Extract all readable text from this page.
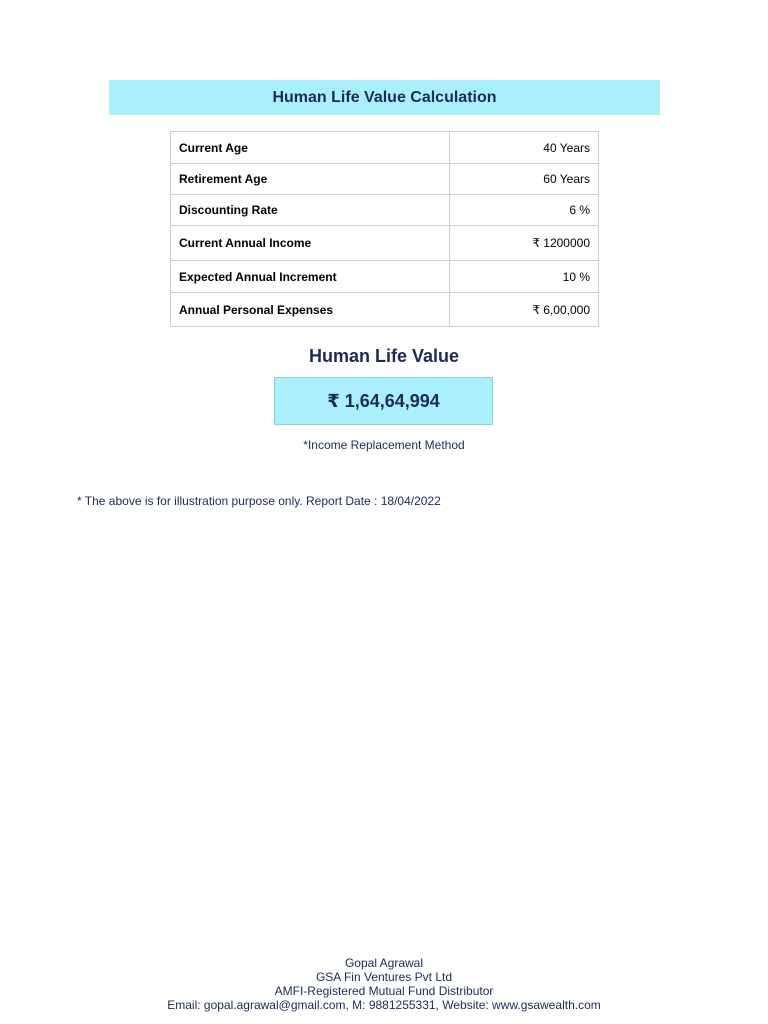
Human Life Value Calculation
Current Age	40 Years
Retirement Age	60 Years
Discounting Rate	6 %
Current Annual Income	₹ 1200000
Expected Annual Increment	10 %
Annual Personal Expenses	₹ 6,00,000
Human Life Value
₹ 1,64,64,994
*Income Replacement Method
* The above is for illustration purpose only. Report Date : 18/04/2022
Gopal Agrawal
GSA Fin Ventures Pvt Ltd
AMFI-Registered Mutual Fund Distributor
Email: gopal.agrawal@gmail.com, M: 9881255331, Website: www.gsawealth.com
